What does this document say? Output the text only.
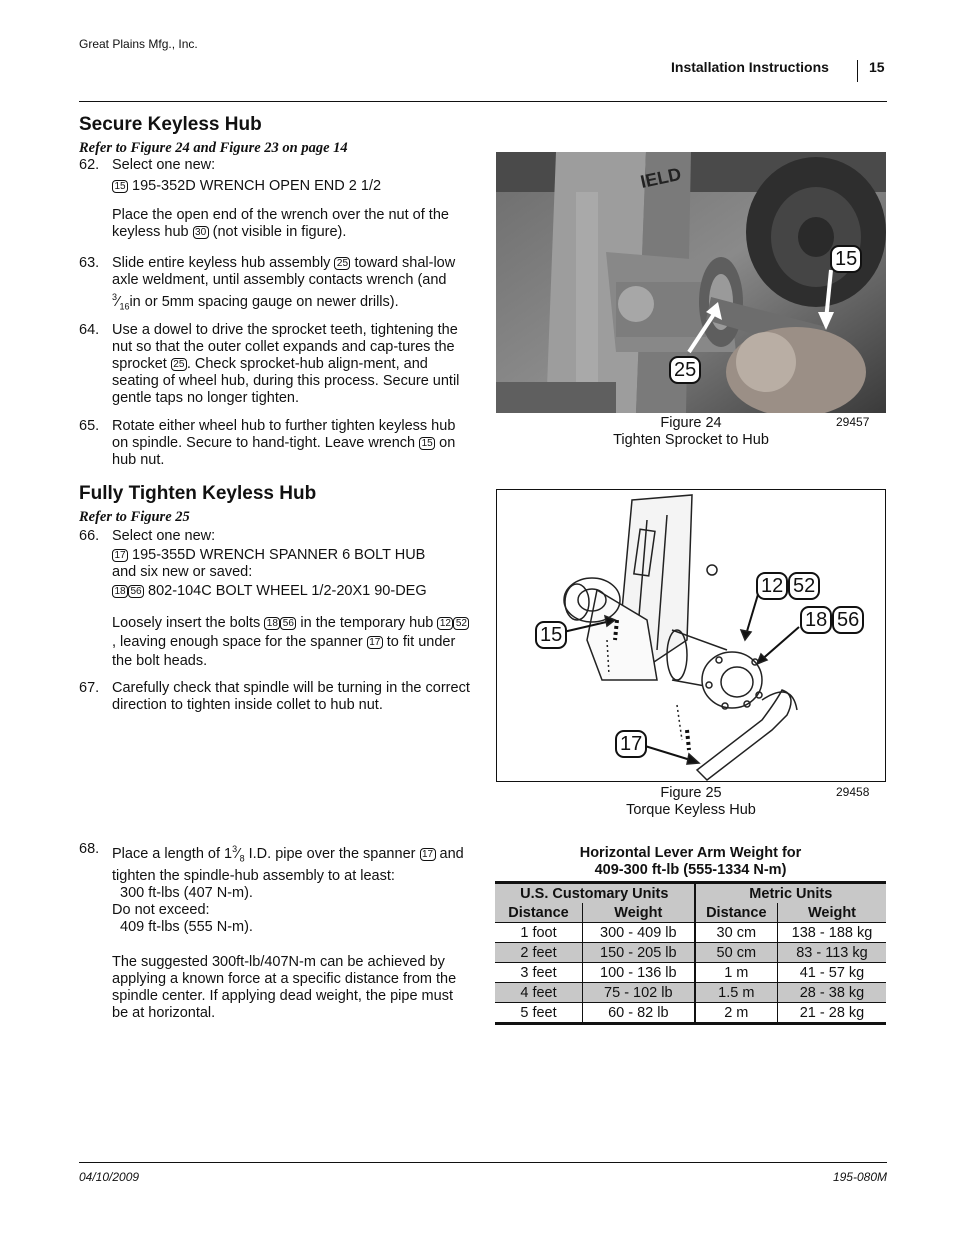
Great Plains Mfg., Inc.
Installation Instructions	15
Secure Keyless Hub
Refer to Figure 24 and Figure 23 on page 14
62. Select one new:
15 195-352D WRENCH OPEN END 2 1/2
Place the open end of the wrench over the nut of the keyless hub 30 (not visible in figure).
63. Slide entire keyless hub assembly 25 toward shal-low axle weldment, until assembly contacts wrench (and $^3⁄_{16}in$ or 5mm spacing gauge on newer drills).
64. Use a dowel to drive the sprocket teeth, tightening the nut so that the outer collet expands and cap-tures the sprocket 25 . Check sprocket-hub align-ment, and seating of wheel hub, during this process. Secure until gentle taps no longer tighten.
65. Rotate either wheel hub to further tighten keyless hub on spindle. Secure to hand-tight. Leave wrench 15 on hub nut.
Fully Tighten Keyless Hub
Refer to Figure 25
66. Select one new:
17 195-355D WRENCH SPANNER 6 BOLT HUB
and six new or saved:
18 56 802-104C BOLT WHEEL 1/2-20X1 90-DEG
Loosely insert the bolts 18 56 in the temporary hub 12 52, leaving enough space for the spanner 17 to fit under the bolt heads.
67. Carefully check that spindle will be turning in the correct direction to tighten inside collet to hub nut.
68. Place a length of $1^3⁄_8$ I.D. pipe over the spanner 17 and tighten the spindle-hub assembly to at least:
300 ft-lbs (407 N-m).
Do not exceed:
409 ft-lbs (555 N-m).
The suggested 300ft-lb/407N-m can be achieved by applying a known force at a specific distance from the spindle center. If applying dead weight, the pipe must be at horizontal.
IELD
15
25
Figure 24
Tighten Sprocket to Hub
29457
12 52
18 56
15
17
Figure 25
Torque Keyless Hub
29458
Horizontal Lever Arm Weight for
409-300 ft-lb (555-1334 N-m)
U.S. Customary Units		Metric Units	
Distance	Weight	Distance	Weight
1 foot	300 - 409 lb	30 cm	138 - 188 kg
2 feet	150 - 205 lb	50 cm	83 - 113 kg
3 feet	100 - 136 lb	1 m	41 - 57 kg
4 feet	75 - 102 lb	1.5 m	28 - 38 kg
5 feet	60 - 82 lb	2 m	21 - 28 kg
04/10/2009	195-080M
